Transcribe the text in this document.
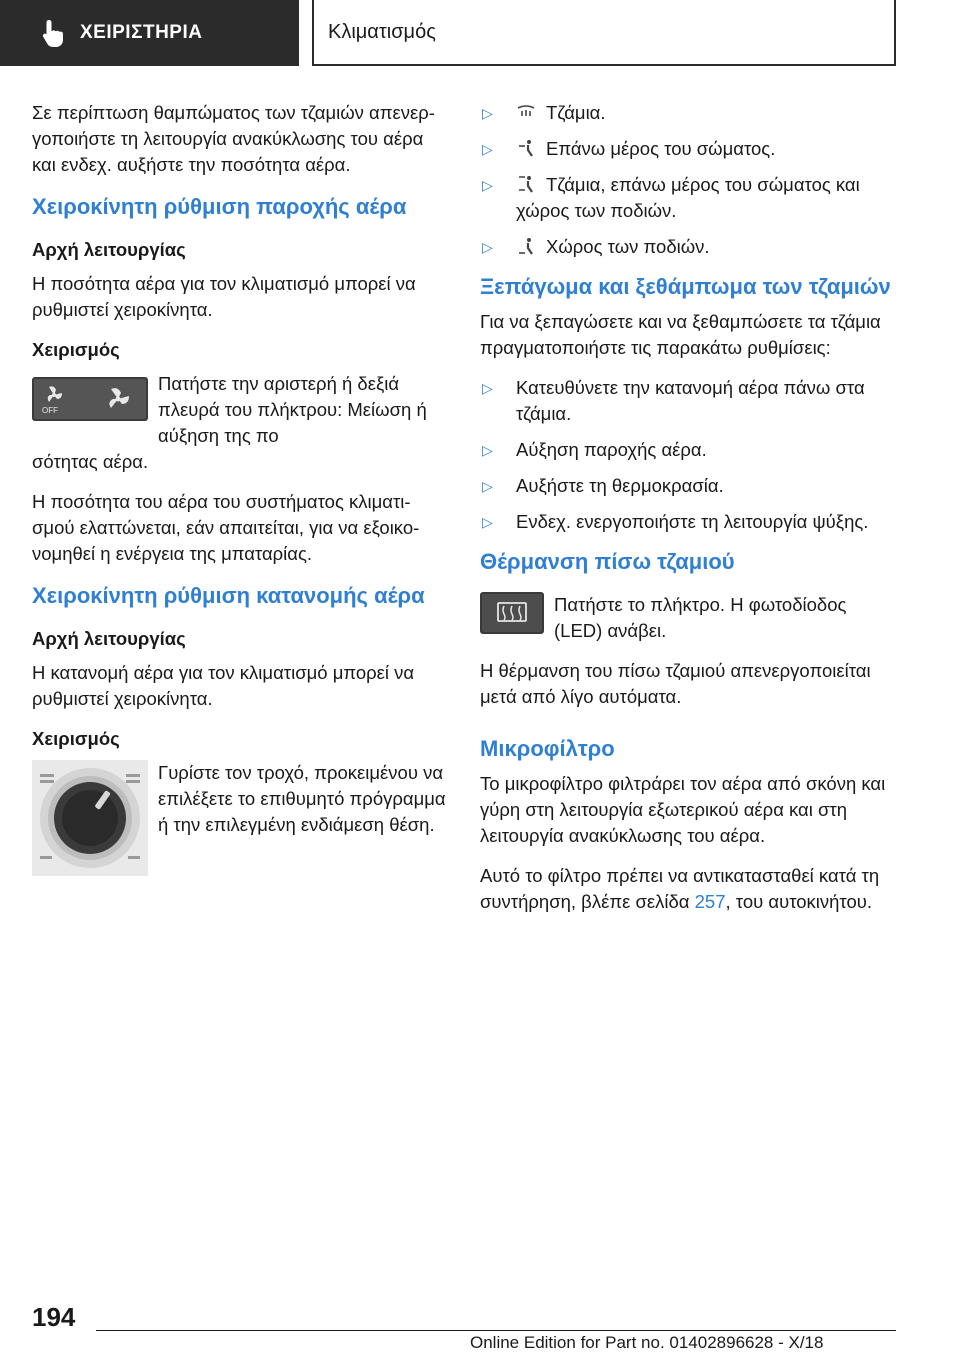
ΧΕΙΡΙΣΤΗΡΙΑ	Κλιματισμός

Σε περίπτωση θαμπώματος των τζαμιών απενεργοποιήστε τη λειτουργία ανακύκλωσης του αέρα και ενδεχ. αυξήστε την ποσότητα αέρα.

Χειροκίνητη ρύθμιση παροχής αέρα
Αρχή λειτουργίας

Η ποσότητα αέρα για τον κλιματισμό μπορεί να ρυθμιστεί χειροκίνητα.

Χειρισμός
OFF
Πατήστε την αριστερή ή δεξιά πλευρά του πλήκτρου: Μείωση ή αύξηση της πο

σότητας αέρα.

Η ποσότητα του αέρα του συστήματος κλιματισμού ελαττώνεται, εάν απαιτείται, για να εξοικονομηθεί η ενέργεια της μπαταρίας.

Χειροκίνητη ρύθμιση κατανομής αέρα
Αρχή λειτουργίας

Η κατανομή αέρα για τον κλιματισμό μπορεί να ρυθμιστεί χειροκίνητα.

Χειρισμός
Γυρίστε τον τροχό, προκειμένου να επιλέξετε το επιθυμητό πρόγραμμα ή την επιλεγμένη ενδιάμεση θέση.
▷	Τζάμια.
▷	Επάνω μέρος του σώματος.
▷	Τζάμια, επάνω μέρος του σώματος και χώρος των ποδιών.
▷	Χώρος των ποδιών.
Ξεπάγωμα και ξεθάμπωμα των τζαμιών

Για να ξεπαγώσετε και να ξεθαμπώσετε τα τζάμια πραγματοποιήστε τις παρακάτω ρυθμίσεις:

▷ Κατευθύνετε την κατανομή αέρα πάνω στα τζάμια.
▷ Αύξηση παροχής αέρα.
▷ Αυξήστε τη θερμοκρασία.
▷ Ενδεχ. ενεργοποιήστε τη λειτουργία ψύξης.
Θέρμανση πίσω τζαμιού
Πατήστε το πλήκτρο. Η φωτοδίοδος (LED) ανάβει.

Η θέρμανση του πίσω τζαμιού απενεργοποιείται μετά από λίγο αυτόματα.

Μικροφίλτρο

Το μικροφίλτρο φιλτράρει τον αέρα από σκόνη και γύρη στη λειτουργία εξωτερικού αέρα και στη λειτουργία ανακύκλωσης του αέρα.

Αυτό το φίλτρο πρέπει να αντικατασταθεί κατά τη συντήρηση, βλέπε σελίδα 257, του αυτοκινήτου.

194
Online Edition for Part no. 01402896628 - X/18
